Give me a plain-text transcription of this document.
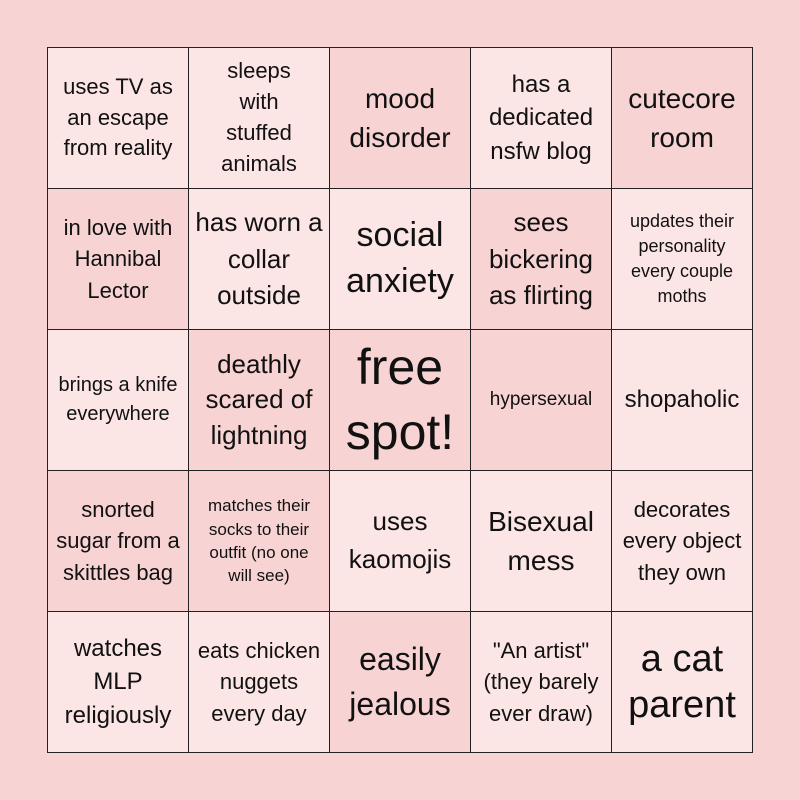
uses TV as an escape from reality
sleeps with stuffed animals
mood disorder
has a dedicated nsfw blog
cutecore room
in love with Hannibal Lector
has worn a collar outside
social anxiety
sees bickering as flirting
updates their personality every couple moths
brings a knife everywhere
deathly scared of lightning
free spot!
hypersexual shopaholic
snorted sugar from a skittles bag
matches their socks to their outfit (no one will see)
uses kaomojis
Bisexual mess
decorates every object they own
watches MLP religiously
eats chicken nuggets every day
easily jealous
"An artist" (they barely ever draw)
a cat parent
